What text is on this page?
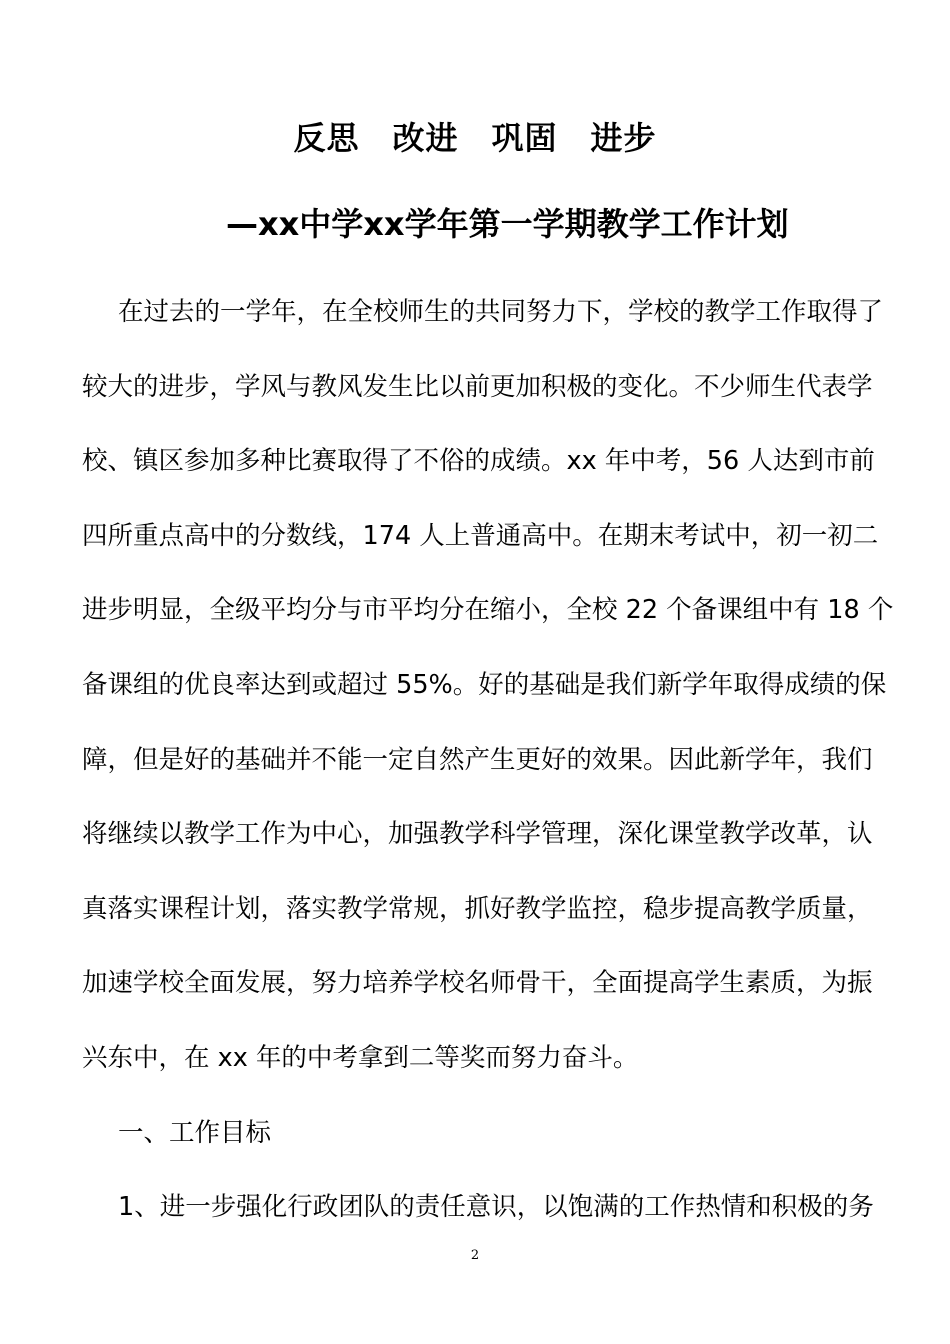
反思　改进　巩固　进步
—xx中学xx学年第一学期教学工作计划
在过去的一学年，在全校师生的共同努力下，学校的教学工作取得了
较大的进步，学风与教风发生比以前更加积极的变化。不少师生代表学
校、镇区参加多种比赛取得了不俗的成绩。xx 年中考，56 人达到市前
四所重点高中的分数线，174 人上普通高中。在期末考试中，初一初二
进步明显，全级平均分与市平均分在缩小，全校 22 个备课组中有 18 个
备课组的优良率达到或超过 55%。好的基础是我们新学年取得成绩的保
障，但是好的基础并不能一定自然产生更好的效果。因此新学年，我们
将继续以教学工作为中心，加强教学科学管理，深化课堂教学改革，认
真落实课程计划，落实教学常规，抓好教学监控，稳步提高教学质量，
加速学校全面发展，努力培养学校名师骨干，全面提高学生素质，为振
兴东中，在 xx 年的中考拿到二等奖而努力奋斗。
一、工作目标
1、进一步强化行政团队的责任意识，以饱满的工作热情和积极的务
2
